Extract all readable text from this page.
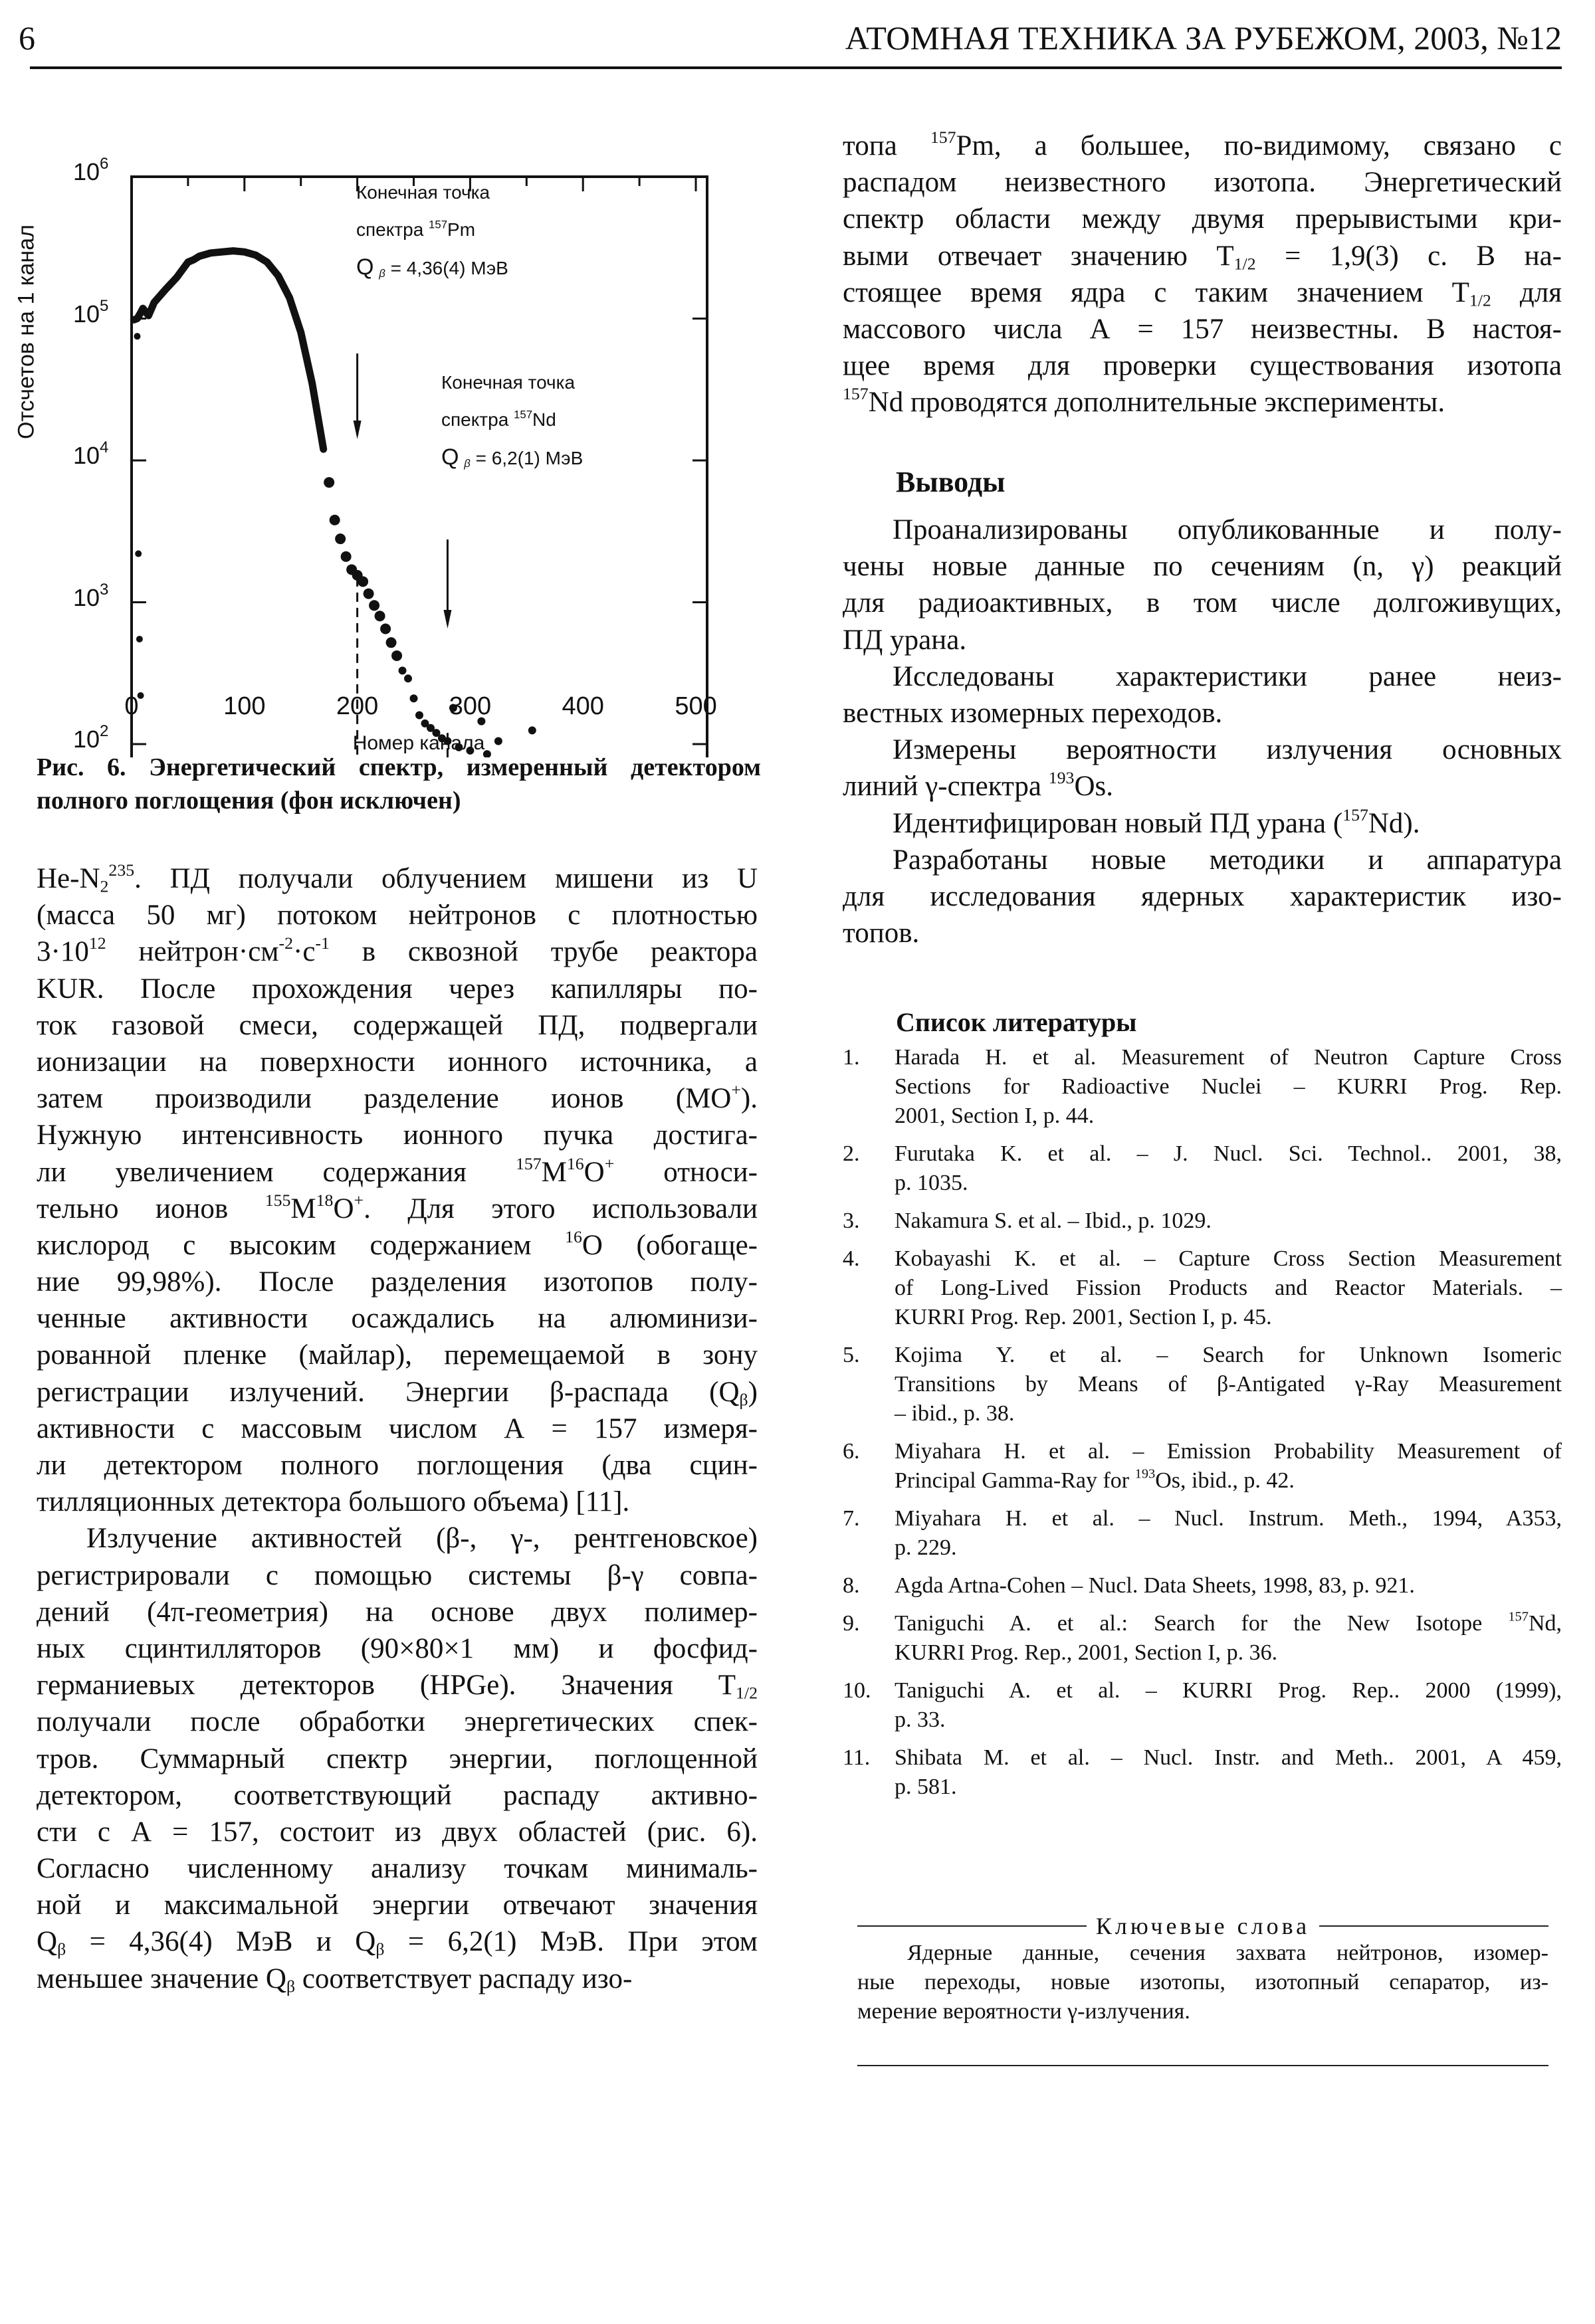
6	АТОМНАЯ ТЕХНИКА ЗА РУБЕЖОМ, 2003, №12
Отсчетов на 1 канал
Номер канала
Конечная точка
спектра $^{157}$Pm
Q $_\beta$ = 4,36(4) МэВ
Конечная точка
спектра $^{157}$Nd
Q $_\beta$ = 6,2(1) МэВ
$10^6$
$10^5$
$10^4$
$10^3$
$10^2$
0	100	200	300	400	500
Рис. 6. Энергетический спектр, измеренный детектором
полного поглощения (фон исключен)
$He-N_2^{235}$. ПД получали облучением мишени из U
(масса 50 мг) потоком нейтронов с плотностью
$3\cdot 10^{12}$ $нейтрон\cdot см^{-2}\cdot с^{-1}$ в сквозной трубе реактора
KUR. После прохождения через капилляры по-
ток газовой смеси, содержащей ПД, подвергали
ионизации на поверхности ионного источника, а
затем производили разделение ионов (МО+).
Нужную интенсивность ионного пучка достига-
ли увеличением содержания $^{157}М^{16}О^+$ относи-
тельно ионов $^{155}М^{18}О^+$. Для этого использовали
кислород с высоким содержанием $^{16}$О (обогаще-
ние 99,98%). После разделения изотопов полу-
ченные активности осаждались на алюминизи-
рованной пленке (майлар), перемещаемой в зону
регистрации излучений. Энергии β-распада $(Q_\beta)$
активности с массовым числом А = 157 измеря-
ли детектором полного поглощения (два сцин-
тилляционных детектора большого объема) [11].
Излучение активностей (β-, γ-, рентгеновское)
регистрировали с помощью системы β-γ совпа-
дений (4π-геометрия) на основе двух полимер-
ных сцинтилляторов (90×80×1 мм) и фосфид-
германиевых детекторов (HPGe). Значения $Т_{1/2}$
получали после обработки энергетических спек-
тров. Суммарный спектр энергии, поглощенной
детектором, соответствующий распаду активно-
сти с А = 157, состоит из двух областей (рис. 6).
Согласно численному анализу точкам минималь-
ной и максимальной энергии отвечают значения
$Q_\beta = 4,36(4)$ МэВ и $Q_\beta = 6,2(1)$ МэВ. При этом
меньшее значение $Q_\beta$ соответствует распаду изо-
топа $^{157}$Pm, а большее, по-видимому, связано с
распадом неизвестного изотопа. Энергетический
спектр области между двумя прерывистыми кри-
выми отвечает значению $Т_{1/2} = 1,9(3)$ с. В на-
стоящее время ядра с таким значением $Т_{1/2}$ для
массового числа А = 157 неизвестны. В настоя-
щее время для проверки существования изотопа
$^{157}$Nd проводятся дополнительные эксперименты.
Выводы
Проанализированы опубликованные и полу-
чены новые данные по сечениям (n, γ) реакций
для радиоактивных, в том числе долгоживущих,
ПД урана.
Исследованы характеристики ранее неиз-
вестных изомерных переходов.
Измерены вероятности излучения основных
линий γ-спектра $^{193}$Os.
Идентифицирован новый ПД урана ($^{157}$Nd).
Разработаны новые методики и аппаратура
для исследования ядерных характеристик изо-
топов.
Список литературы
1. Harada H. et al. Measurement of Neutron Capture Cross
Sections for Radioactive Nuclei – KURRI Prog. Rep.
2001, Section I, p. 44.
2. Furutaka K. et al. – J. Nucl. Sci. Technol.. 2001, 38,
p. 1035.
3. Nakamura S. et al. – Ibid., p. 1029.
4. Kobayashi K. et al. – Capture Cross Section Measurement
of Long-Lived Fission Products and Reactor Materials. –
KURRI Prog. Rep. 2001, Section I, p. 45.
5. Kojima Y. et al. – Search for Unknown Isomeric
Transitions by Means of β-Antigated γ-Ray Measurement
– ibid., p. 38.
6. Miyahara H. et al. – Emission Probability Measurement of
Principal Gamma-Ray for $^{193}$Os, ibid., p. 42.
7. Miyahara H. et al. – Nucl. Instrum. Meth., 1994, A353,
p. 229.
8. Agda Artna-Cohen – Nucl. Data Sheets, 1998, 83, p. 921.
9. Taniguchi A. et al.: Search for the New Isotope $^{157}$Nd,
KURRI Prog. Rep., 2001, Section I, p. 36.
10. Taniguchi A. et al. – KURRI Prog. Rep.. 2000 (1999),
p. 33.
11. Shibata M. et al. – Nucl. Instr. and Meth.. 2001, A 459,
p. 581.
Ключевые слова
Ядерные данные, сечения захвата нейтронов, изомер-
ные переходы, новые изотопы, изотопный сепаратор, из-
мерение вероятности γ-излучения.
